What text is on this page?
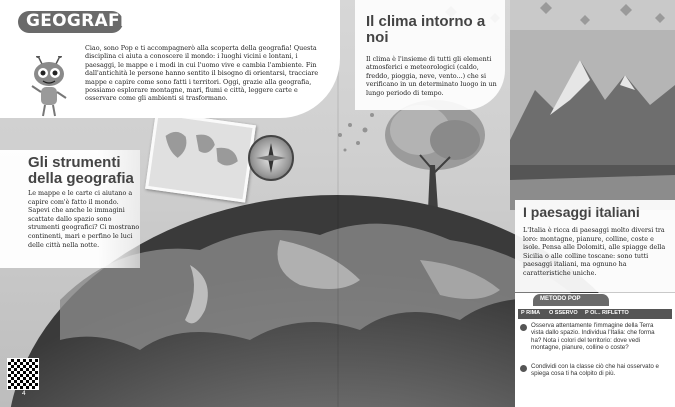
GEOGRAFIA
Ciao, sono Pop e ti accompagnerò alla scoperta della geografia! Questa disciplina ci aiuta a conoscere il mondo: i luoghi vicini e lontani, i paesaggi, le mappe e i modi in cui l'uomo vive e cambia l'ambiente. Fin dall'antichità le persone hanno sentito il bisogno di orientarsi, tracciare mappe e capire come sono fatti i territori. Oggi, grazie alla geografia, possiamo esplorare montagne, mari, fiumi e città, leggere carte e osservare come gli ambienti si trasformano.
Il clima intorno a noi
Il clima è l'insieme di tutti gli elementi atmosferici e meteorologici (caldo, freddo, pioggia, neve, vento...) che si verificano in un determinato luogo in un lungo periodo di tempo.
Gli strumenti della geografia
Le mappe e le carte ci aiutano a capire com'è fatto il mondo. Sapevi che anche le immagini scattate dallo spazio sono strumenti geografici? Ci mostrano continenti, mari e perfino le luci delle città nella notte.
I paesaggi italiani
L'Italia è ricca di paesaggi molto diversi tra loro: montagne, pianure, colline, coste e isole. Pensa alle Dolomiti, alle spiagge della Sicilia o alle colline toscane: sono tutti paesaggi italiani, ma ognuno ha caratteristiche uniche.
METODO POP
P RIMA O SSERVO P OI... RIFLETTO
Osserva attentamente l'immagine della Terra vista dallo spazio. Individua l'Italia: che forma ha? Nota i colori del territorio: dove vedi montagne, pianure, colline o coste?
Condividi con la classe ciò che hai osservato e spiega cosa ti ha colpito di più.
4	5
